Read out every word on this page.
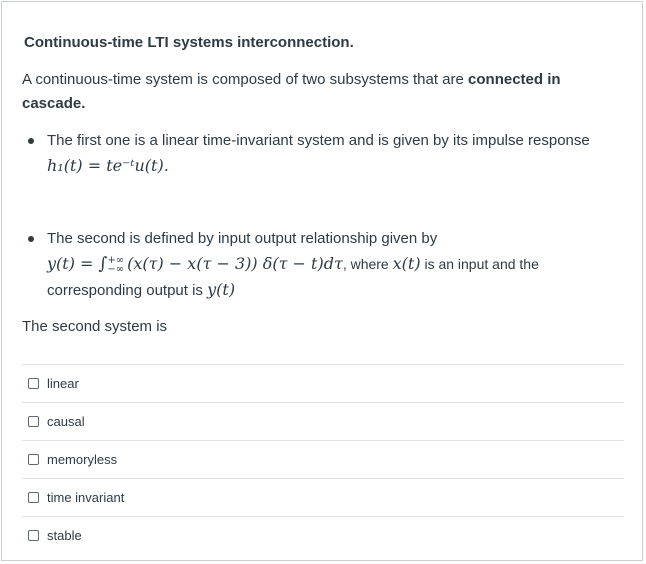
Continuous-time LTI systems interconnection.
A continuous-time system is composed of two subsystems that are connected in cascade.
The first one is a linear time-invariant system and is given by its impulse response
h₁(t) = te⁻ᵗu(t).
The second is defined by input output relationship given by
y(t) = ∫+∞
−∞ (x(τ) − x(τ − 3)) δ(τ − t)dτ, where x(t) is an input and the
corresponding output is y(t)
The second system is
linear
causal
memoryless
time invariant
stable
